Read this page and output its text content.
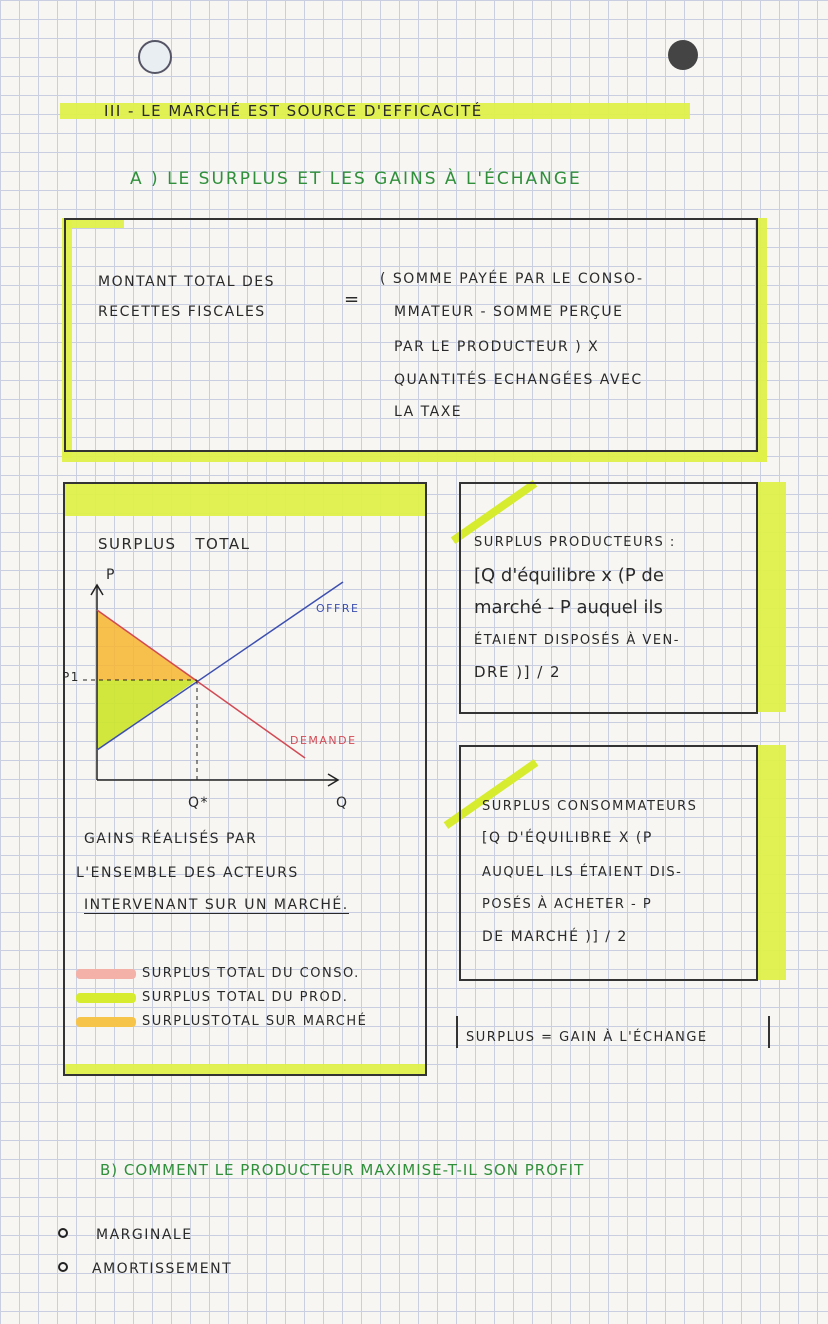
III - LE MARCHÉ EST SOURCE D'EFFICACITÉ
A ) LE SURPLUS ET LES GAINS À L'ÉCHANGE
MONTANT TOTAL DES
RECETTES FISCALES
=
( SOMME PAYÉE PAR LE CONSO-
MMATEUR - SOMME PERÇUE
PAR LE PRODUCTEUR ) X
QUANTITÉS ECHANGÉES AVEC
LA TAXE
SURPLUS   TOTAL
P
Q
P1
Q*
OFFRE
DEMANDE
GAINS RÉALISÉS PAR
L'ENSEMBLE DES ACTEURS
INTERVENANT SUR UN MARCHÉ.
SURPLUS TOTAL DU CONSO.
SURPLUS TOTAL DU PROD.
SURPLUSTOTAL SUR MARCHÉ
SURPLUS PRODUCTEURS :
[Q d'équilibre x (P de
marché - P auquel ils
ÉTAIENT DISPOSÉS À VEN-
DRE )] / 2
SURPLUS CONSOMMATEURS
[Q D'ÉQUILIBRE X (P
AUQUEL ILS ÉTAIENT DIS-
POSÉS À ACHETER - P
DE MARCHÉ )] / 2
SURPLUS = GAIN À L'ÉCHANGE
B) COMMENT LE PRODUCTEUR MAXIMISE-T-IL SON PROFIT
MARGINALE
AMORTISSEMENT
